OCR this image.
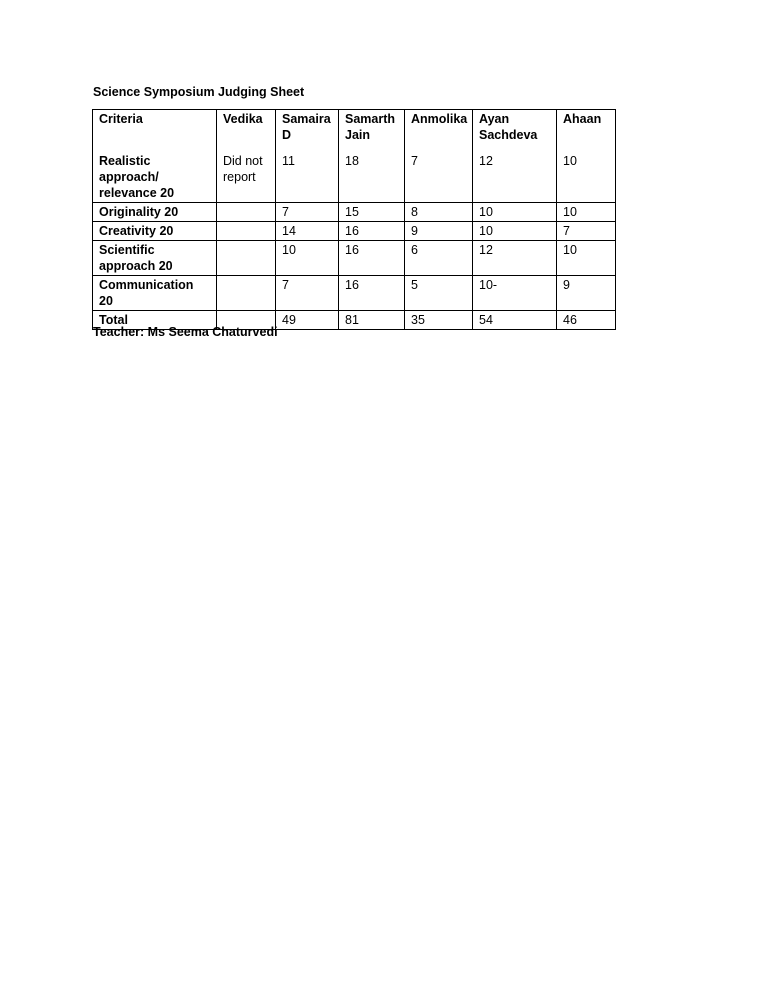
Science Symposium Judging Sheet
Criteria	Vedika	Samaira D	Samarth Jain	Anmolika	Ayan Sachdeva	Ahaan
Realistic approach/ relevance 20	Did not report	11	18	7	12	10
Originality 20		7	15	8	10	10
Creativity 20		14	16	9	10	7
Scientific approach 20		10	16	6	12	10
Communication 20		7	16	5	10-	9
Total		49	81	35	54	46
Teacher: Ms Seema Chaturvedi
